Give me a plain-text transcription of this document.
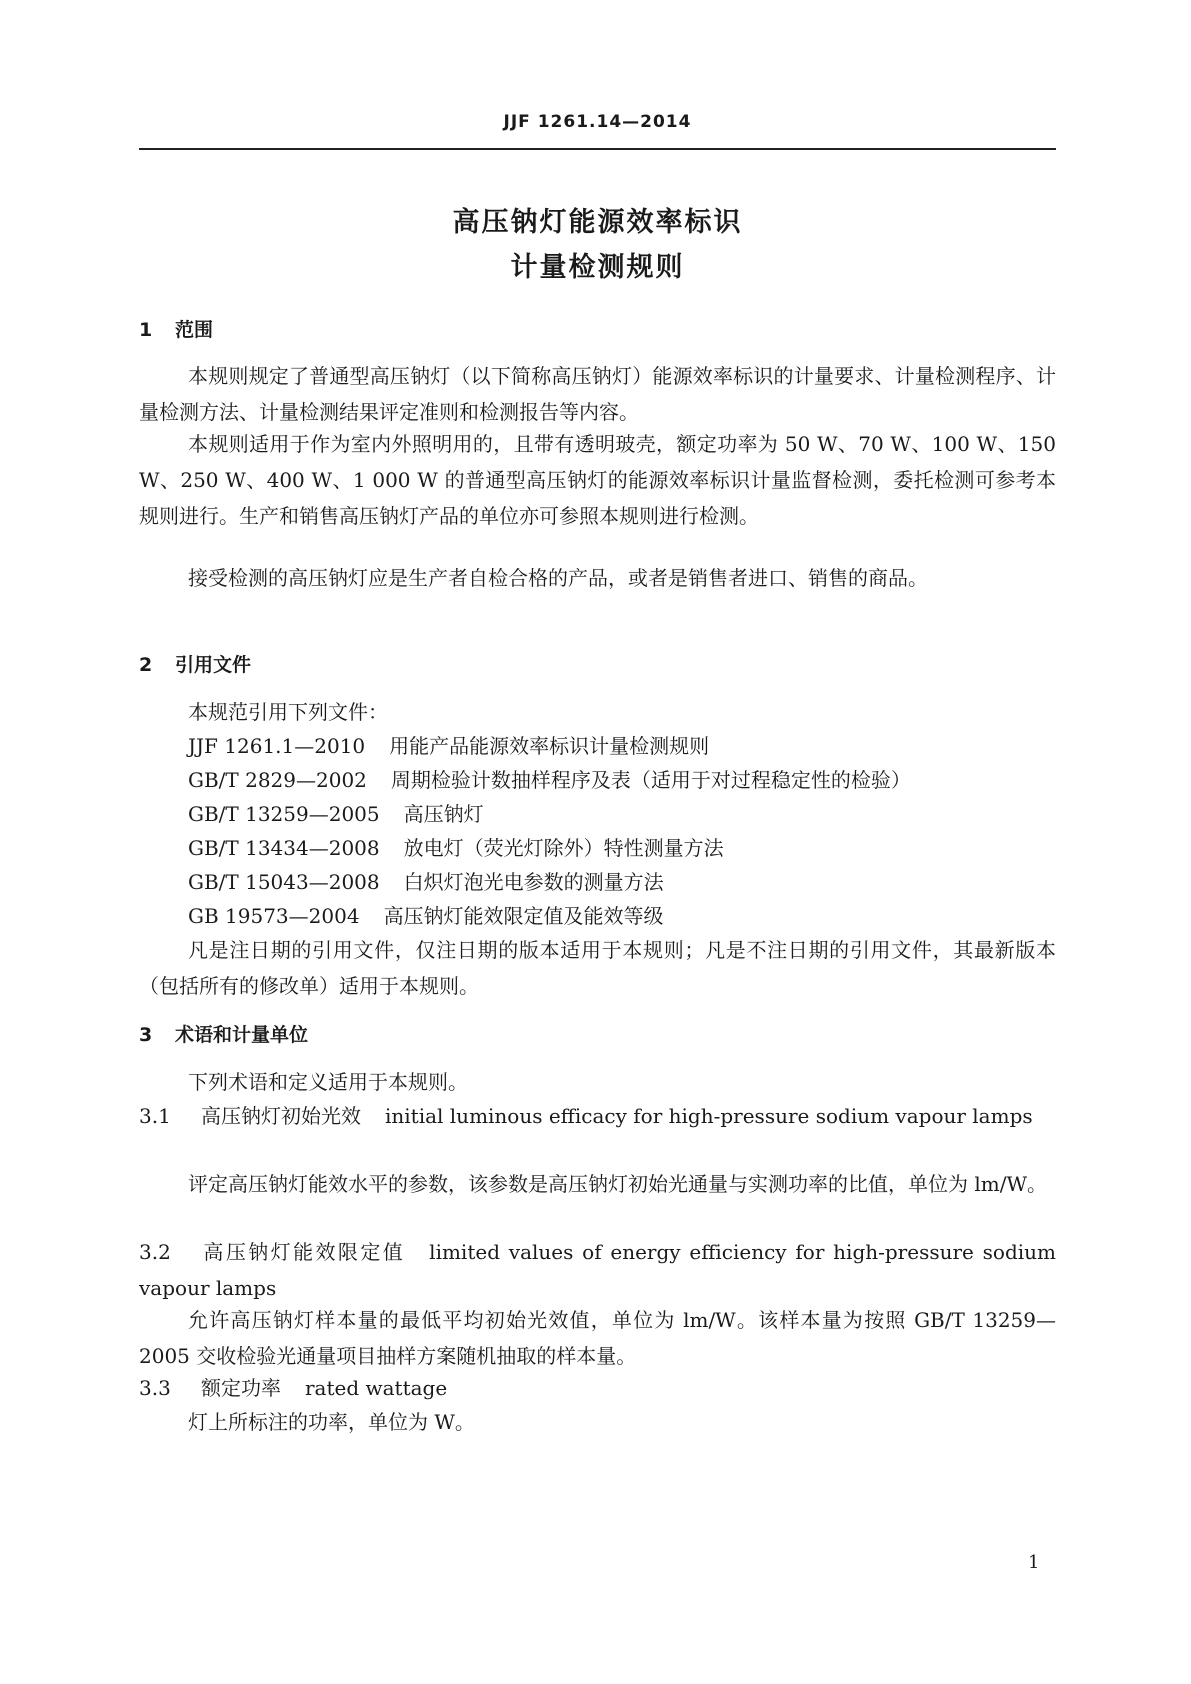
JJF 1261.14—2014
高压钠灯能源效率标识
计量检测规则
1 范围
本规则规定了普通型高压钠灯（以下简称高压钠灯）能源效率标识的计量要求、计量检测程序、计量检测方法、计量检测结果评定准则和检测报告等内容。
本规则适用于作为室内外照明用的，且带有透明玻壳，额定功率为 50 W、70 W、100 W、150 W、250 W、400 W、1 000 W 的普通型高压钠灯的能源效率标识计量监督检测，委托检测可参考本规则进行。生产和销售高压钠灯产品的单位亦可参照本规则进行检测。
接受检测的高压钠灯应是生产者自检合格的产品，或者是销售者进口、销售的商品。
2 引用文件
本规范引用下列文件：
JJF 1261.1—2010 用能产品能源效率标识计量检测规则
GB/T 2829—2002 周期检验计数抽样程序及表（适用于对过程稳定性的检验）
GB/T 13259—2005 高压钠灯
GB/T 13434—2008 放电灯（荧光灯除外）特性测量方法
GB/T 15043—2008 白炽灯泡光电参数的测量方法
GB 19573—2004 高压钠灯能效限定值及能效等级
凡是注日期的引用文件，仅注日期的版本适用于本规则；凡是不注日期的引用文件，其最新版本（包括所有的修改单）适用于本规则。
3 术语和计量单位
下列术语和定义适用于本规则。
3.1 高压钠灯初始光效 initial luminous efficacy for high-pressure sodium vapour lamps
评定高压钠灯能效水平的参数，该参数是高压钠灯初始光通量与实测功率的比值，单位为 lm/W。
3.2 高压钠灯能效限定值 limited values of energy efficiency for high-pressure sodium vapour lamps
允许高压钠灯样本量的最低平均初始光效值，单位为 lm/W。该样本量为按照 GB/T 13259—2005 交收检验光通量项目抽样方案随机抽取的样本量。
3.3 额定功率 rated wattage
灯上所标注的功率，单位为 W。
1
